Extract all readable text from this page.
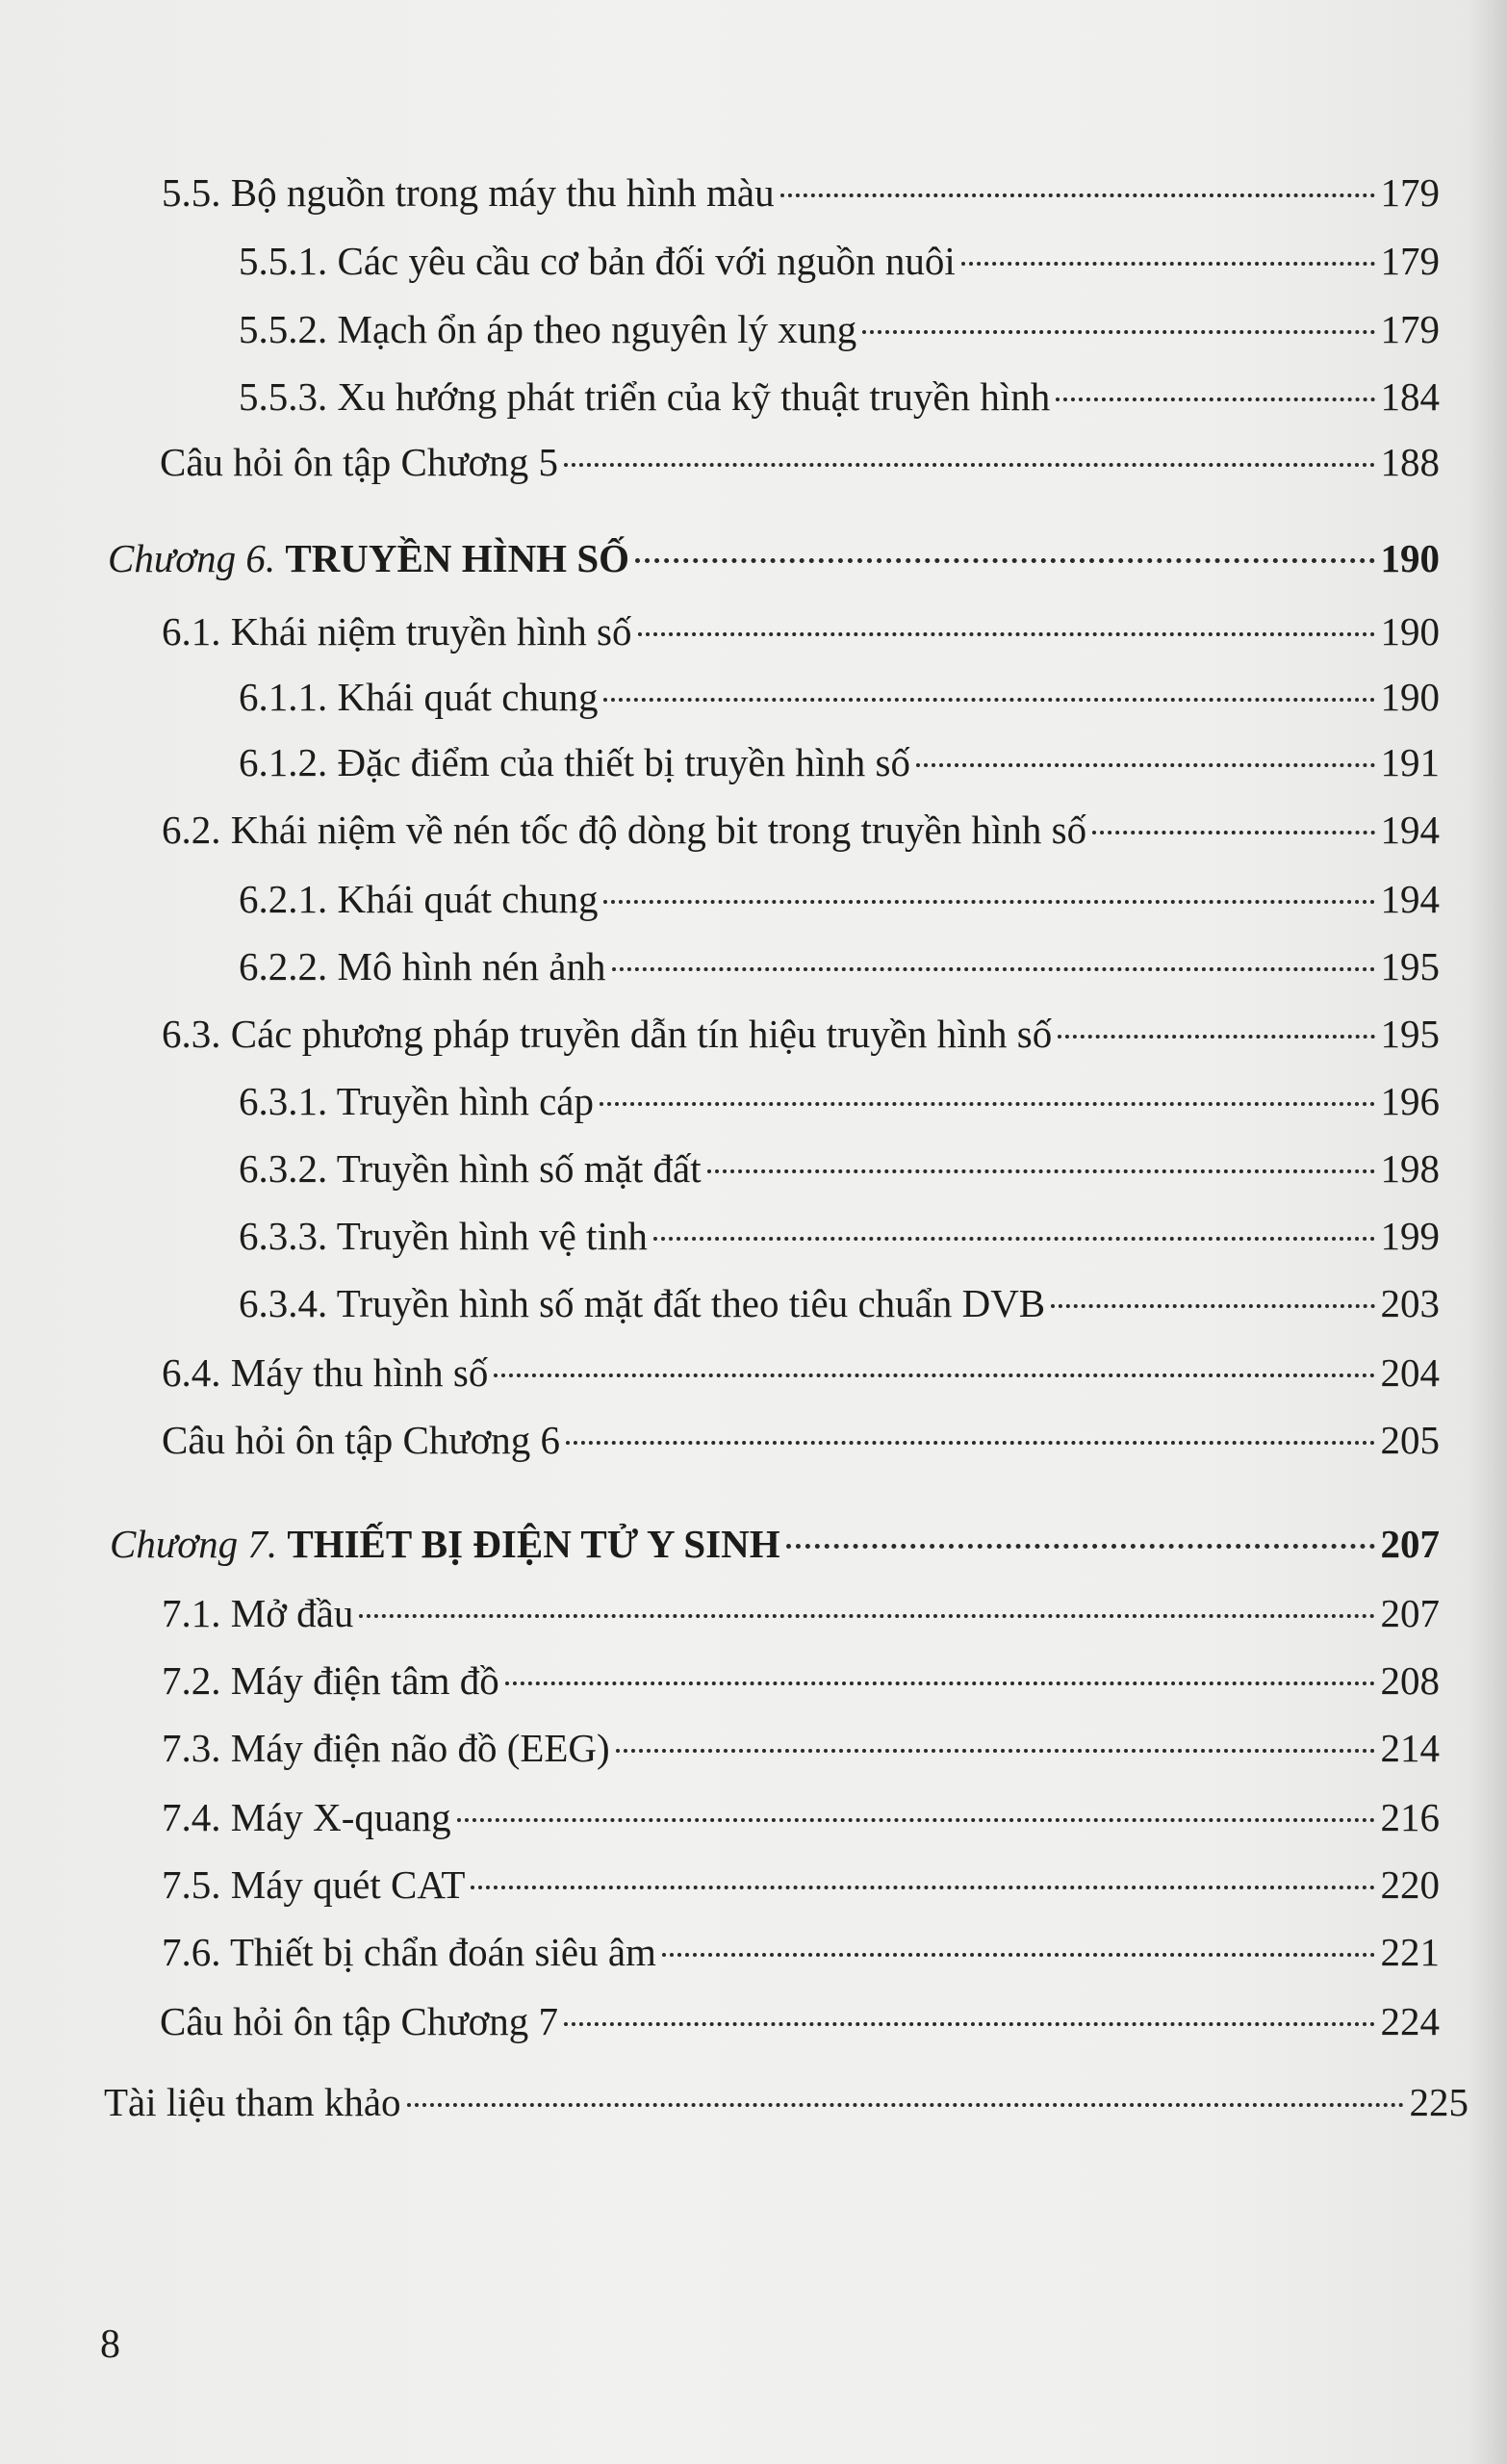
5.5. Bộ nguồn trong máy thu hình màu	179
5.5.1. Các yêu cầu cơ bản đối với nguồn nuôi	179
5.5.2. Mạch ổn áp theo nguyên lý xung	179
5.5.3. Xu hướng phát triển của kỹ thuật truyền hình	184
Câu hỏi ôn tập Chương 5	188
Chương 6. TRUYỀN HÌNH SỐ	190
6.1. Khái niệm truyền hình số	190
6.1.1. Khái quát chung	190
6.1.2. Đặc điểm của thiết bị truyền hình số	191
6.2. Khái niệm về nén tốc độ dòng bit trong truyền hình số	194
6.2.1. Khái quát chung	194
6.2.2. Mô hình nén ảnh	195
6.3. Các phương pháp truyền dẫn tín hiệu truyền hình số	195
6.3.1. Truyền hình cáp	196
6.3.2. Truyền hình số mặt đất	198
6.3.3. Truyền hình vệ tinh	199
6.3.4. Truyền hình số mặt đất theo tiêu chuẩn DVB	203
6.4. Máy thu hình số	204
Câu hỏi ôn tập Chương 6	205
Chương 7. THIẾT BỊ ĐIỆN TỬ Y SINH	207
7.1. Mở đầu	207
7.2. Máy điện tâm đồ	208
7.3. Máy điện não đồ (EEG)	214
7.4. Máy X-quang	216
7.5. Máy quét CAT	220
7.6. Thiết bị chẩn đoán siêu âm	221
Câu hỏi ôn tập Chương 7	224
Tài liệu tham khảo	225
8
